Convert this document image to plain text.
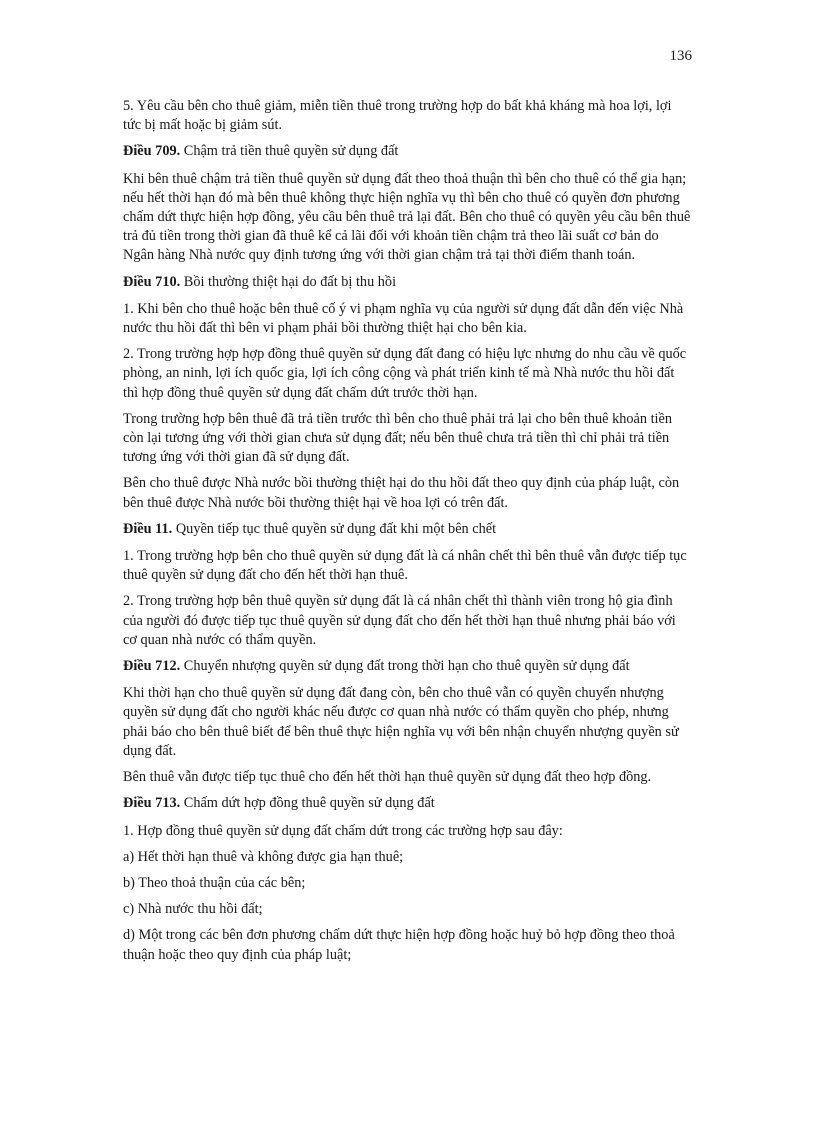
136

5. Yêu cầu bên cho thuê giảm, miễn tiền thuê trong trường hợp do bất khả kháng mà hoa lợi, lợi tức bị mất hoặc bị giảm sút.

Điều 709. Chậm trả tiền thuê quyền sử dụng đất

Khi bên thuê chậm trả tiền thuê quyền sử dụng đất theo thoả thuận thì bên cho thuê có thể gia hạn; nếu hết thời hạn đó mà bên thuê không thực hiện nghĩa vụ thì bên cho thuê có quyền đơn phương chấm dứt thực hiện hợp đồng, yêu cầu bên thuê trả lại đất. Bên cho thuê có quyền yêu cầu bên thuê trả đủ tiền trong thời gian đã thuê kể cả lãi đối với khoản tiền chậm trả theo lãi suất cơ bản do Ngân hàng Nhà nước quy định tương ứng với thời gian chậm trả tại thời điểm thanh toán.

Điều 710. Bồi thường thiệt hại do đất bị thu hồi

1. Khi bên cho thuê hoặc bên thuê cố ý vi phạm nghĩa vụ của người sử dụng đất dẫn đến việc Nhà nước thu hồi đất thì bên vi phạm phải bồi thường thiệt hại cho bên kia.

2. Trong trường hợp hợp đồng thuê quyền sử dụng đất đang có hiệu lực nhưng do nhu cầu về quốc phòng, an ninh, lợi ích quốc gia, lợi ích công cộng và phát triển kinh tế mà Nhà nước thu hồi đất thì hợp đồng thuê quyền sử dụng đất chấm dứt trước thời hạn.

Trong trường hợp bên thuê đã trả tiền trước thì bên cho thuê phải trả lại cho bên thuê khoản tiền còn lại tương ứng với thời gian chưa sử dụng đất; nếu bên thuê chưa trả tiền thì chỉ phải trả tiền tương ứng với thời gian đã sử dụng đất.

Bên cho thuê được Nhà nước bồi thường thiệt hại do thu hồi đất theo quy định của pháp luật, còn bên thuê được Nhà nước bồi thường thiệt hại về hoa lợi có trên đất.

Điều 11. Quyền tiếp tục thuê quyền sử dụng đất khi một bên chết

1. Trong trường hợp bên cho thuê quyền sử dụng đất là cá nhân chết thì bên thuê vẫn được tiếp tục thuê quyền sử dụng đất cho đến hết thời hạn thuê.

2. Trong trường hợp bên thuê quyền sử dụng đất là cá nhân chết thì thành viên trong hộ gia đình của người đó được tiếp tục thuê quyền sử dụng đất cho đến hết thời hạn thuê nhưng phải báo với cơ quan nhà nước có thẩm quyền.

Điều 712. Chuyển nhượng quyền sử dụng đất trong thời hạn cho thuê quyền sử dụng đất

Khi thời hạn cho thuê quyền sử dụng đất đang còn, bên cho thuê vẫn có quyền chuyển nhượng quyền sử dụng đất cho người khác nếu được cơ quan nhà nước có thẩm quyền cho phép, nhưng phải báo cho bên thuê biết để bên thuê thực hiện nghĩa vụ với bên nhận chuyển nhượng quyền sử dụng đất.

Bên thuê vẫn được tiếp tục thuê cho đến hết thời hạn thuê quyền sử dụng đất theo hợp đồng.

Điều 713. Chấm dứt hợp đồng thuê quyền sử dụng đất

1. Hợp đồng thuê quyền sử dụng đất chấm dứt trong các trường hợp sau đây:

a) Hết thời hạn thuê và không được gia hạn thuê;

b) Theo thoả thuận của các bên;

c) Nhà nước thu hồi đất;

d) Một trong các bên đơn phương chấm dứt thực hiện hợp đồng hoặc huỷ bỏ hợp đồng theo thoả thuận hoặc theo quy định của pháp luật;
